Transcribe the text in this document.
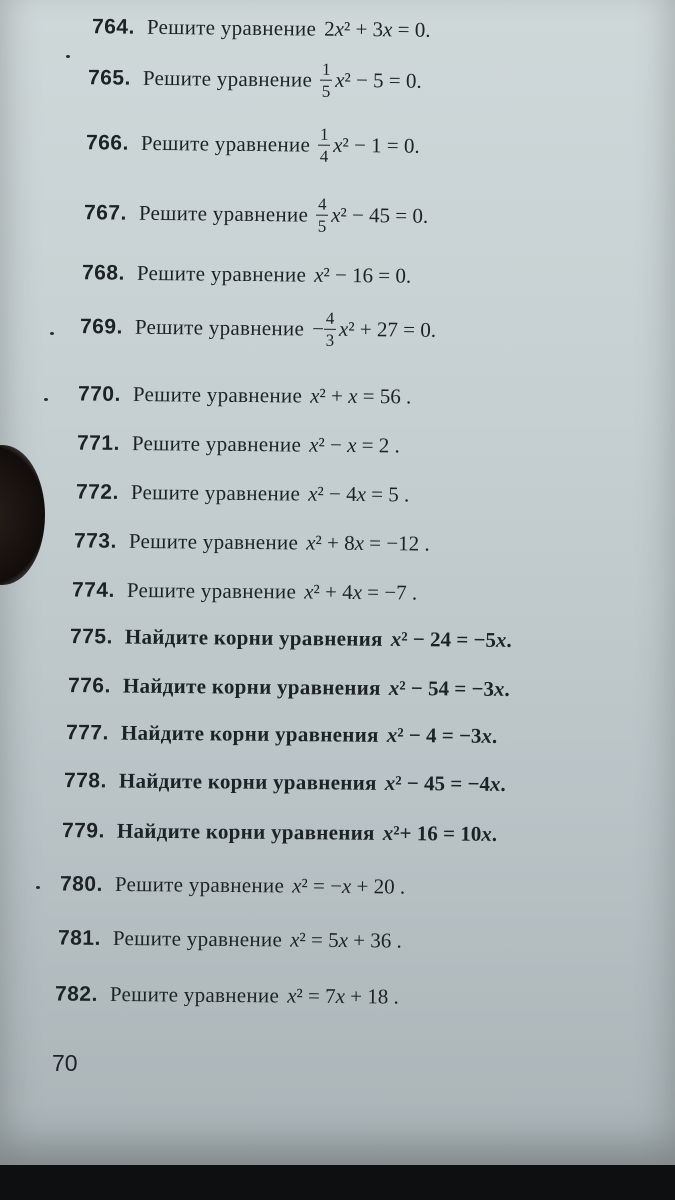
764. Решите уравнение 2x² + 3x = 0.
765. Решите уравнение $\frac{1}{5} x^2 - 5 = 0$.
766. Решите уравнение $\frac{1}{4} x^2 - 1 = 0$.
767. Решите уравнение $\frac{4}{5} x^2 - 45 = 0$.
768. Решите уравнение x² − 16 = 0.
769. Решите уравнение − $\frac{4}{3} x^2 + 27 = 0$.
770. Решите уравнение x² + x = 56 .
771. Решите уравнение x² − x = 2 .
772. Решите уравнение x² − 4x = 5 .
773. Решите уравнение x² + 8x = −12 .
774. Решите уравнение x² + 4x = −7 .
775. Найдите корни уравнения x² − 24 = −5x.
776. Найдите корни уравнения x² − 54 = −3x.
777. Найдите корни уравнения x² − 4 = −3x.
778. Найдите корни уравнения x² − 45 = −4x.
779. Найдите корни уравнения x²+ 16 = 10x.
780. Решите уравнение x² = −x + 20 .
781. Решите уравнение x² = 5x + 36 .
782. Решите уравнение x² = 7x + 18 .
70
